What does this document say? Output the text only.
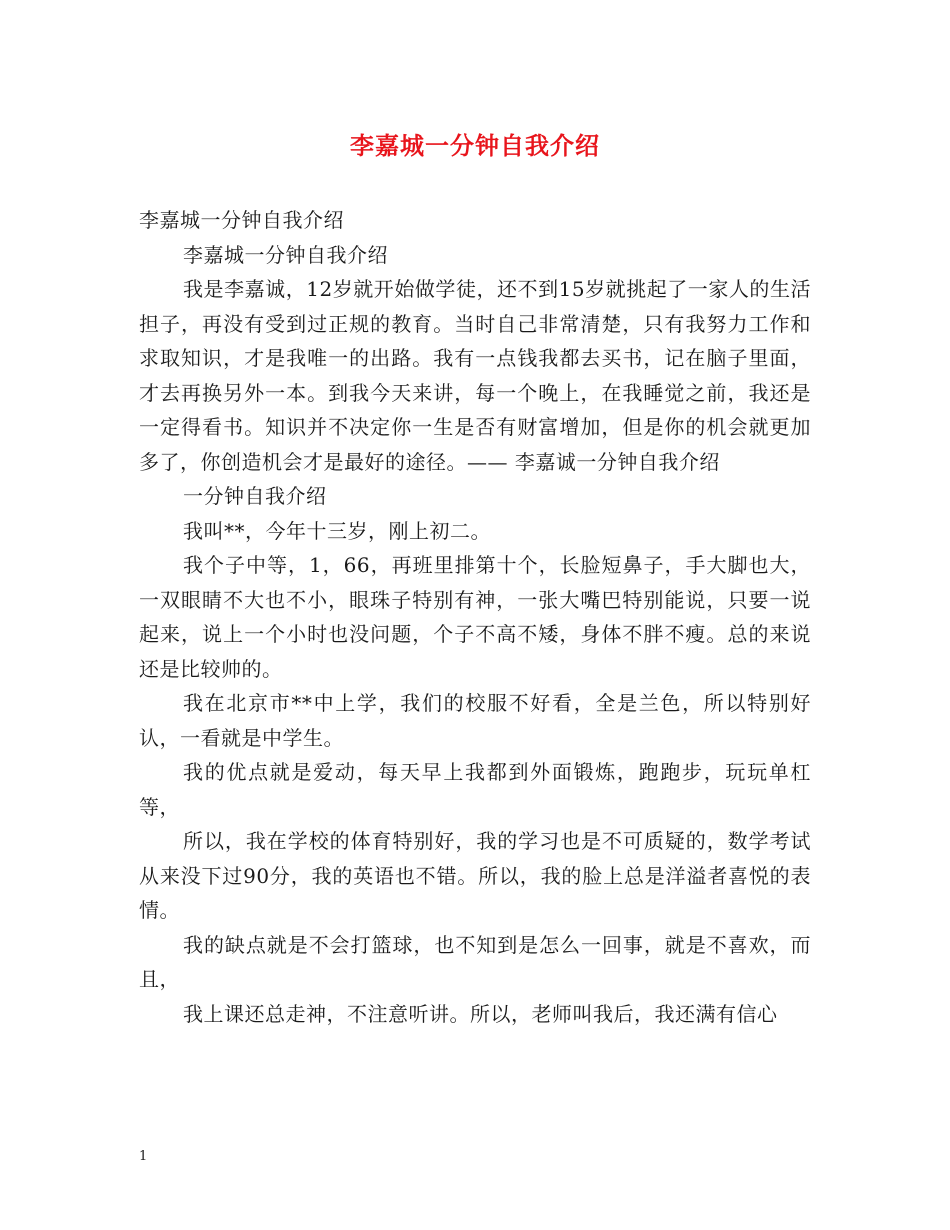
李嘉城一分钟自我介绍

李嘉城一分钟自我介绍

李嘉城一分钟自我介绍

我是李嘉诚，12岁就开始做学徒，还不到15岁就挑起了一家人的生活担子，再没有受到过正规的教育。当时自己非常清楚，只有我努力工作和求取知识，才是我唯一的出路。我有一点钱我都去买书，记在脑子里面，才去再换另外一本。到我今天来讲，每一个晚上，在我睡觉之前，我还是一定得看书。知识并不决定你一生是否有财富增加，但是你的机会就更加多了，你创造机会才是最好的途径。—— 李嘉诚一分钟自我介绍

一分钟自我介绍

我叫**，今年十三岁，刚上初二。

我个子中等，1，66，再班里排第十个，长脸短鼻子，手大脚也大，一双眼睛不大也不小，眼珠子特别有神，一张大嘴巴特别能说，只要一说起来，说上一个小时也没问题，个子不高不矮，身体不胖不瘦。总的来说还是比较帅的。

我在北京市**中上学，我们的校服不好看，全是兰色，所以特别好认，一看就是中学生。

我的优点就是爱动，每天早上我都到外面锻炼，跑跑步，玩玩单杠等，

所以，我在学校的体育特别好，我的学习也是不可质疑的，数学考试从来没下过90分，我的英语也不错。所以，我的脸上总是洋溢者喜悦的表情。

我的缺点就是不会打篮球，也不知到是怎么一回事，就是不喜欢，而且，

我上课还总走神，不注意听讲。所以，老师叫我后，我还满有信心

1
